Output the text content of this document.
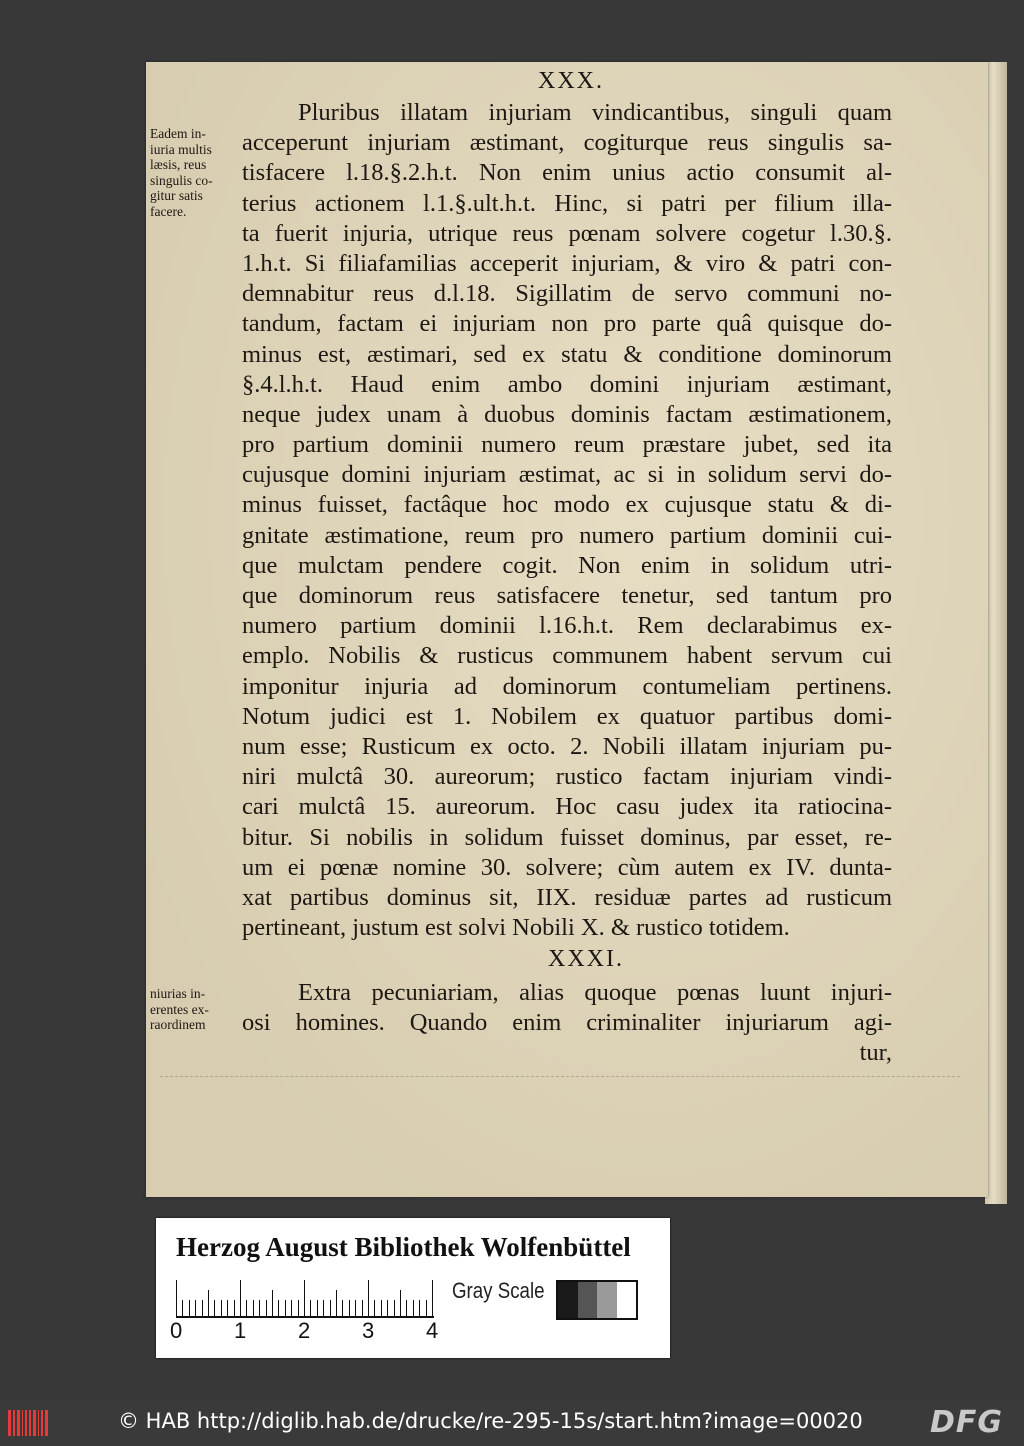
XXX.
Eadem in-
iuria multis
læsis, reus
singulis co-
gitur satis
facere.
Pluribus illatam injuriam vindicantibus, singuli quam
acceperunt injuriam æstimant, cogiturque reus singulis sa-
tisfacere l.18.§.2.h.t. Non enim unius actio consumit al-
terius actionem l.1.§.ult.h.t. Hinc, si patri per filium illa-
ta fuerit injuria, utrique reus pœnam solvere cogetur l.30.§.
1.h.t. Si filiafamilias acceperit injuriam, & viro & patri con-
demnabitur reus d.l.18. Sigillatim de servo communi no-
tandum, factam ei injuriam non pro parte quâ quisque do-
minus est, æstimari, sed ex statu & conditione dominorum
§.4.l.h.t. Haud enim ambo domini injuriam æstimant,
neque judex unam à duobus dominis factam æstimationem,
pro partium dominii numero reum præstare jubet, sed ita
cujusque domini injuriam æstimat, ac si in solidum servi do-
minus fuisset, factâque hoc modo ex cujusque statu & di-
gnitate æstimatione, reum pro numero partium dominii cui-
que mulctam pendere cogit. Non enim in solidum utri-
que dominorum reus satisfacere tenetur, sed tantum pro
numero partium dominii l.16.h.t. Rem declarabimus ex-
emplo. Nobilis & rusticus communem habent servum cui
imponitur injuria ad dominorum contumeliam pertinens.
Notum judici est 1. Nobilem ex quatuor partibus domi-
num esse; Rusticum ex octo. 2. Nobili illatam injuriam pu-
niri mulctâ 30. aureorum; rustico factam injuriam vindi-
cari mulctâ 15. aureorum. Hoc casu judex ita ratiocina-
bitur. Si nobilis in solidum fuisset dominus, par esset, re-
um ei pœnæ nomine 30. solvere; cùm autem ex IV. dunta-
xat partibus dominus sit, IIX. residuæ partes ad rusticum
pertineant, justum est solvi Nobili X. & rustico totidem.
XXXI.
niurias in-
erentes ex-
raordinem
Extra pecuniariam, alias quoque pœnas luunt injuri-
osi homines. Quando enim criminaliter injuriarum agi-
tur,
Herzog August Bibliothek Wolfenbüttel
0 1 2 3 4
Gray Scale
© HAB http://diglib.hab.de/drucke/re-295-15s/start.htm?image=00020 DFG
